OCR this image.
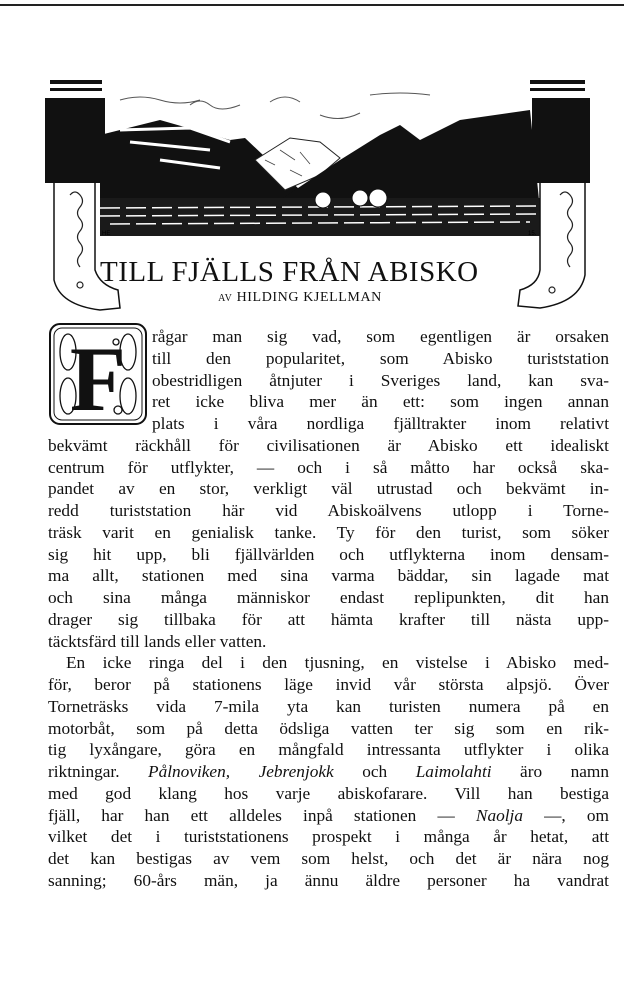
HE	15.
TILL FJÄLLS FRÅN ABISKO
AV HILDING KJELLMAN
F rågar man sig vad, som egentligen är orsaken
till den popularitet, som Abisko turiststation
obestridligen åtnjuter i Sveriges land, kan sva-
ret icke bliva mer än ett: som ingen annan
plats i våra nordliga fjälltrakter inom relativt
bekvämt räckhåll för civilisationen är Abisko ett idealiskt
centrum för utflykter, — och i så måtto har också ska-
pandet av en stor, verkligt väl utrustad och bekvämt in-
redd turiststation här vid Abiskoälvens utlopp i Torne-
träsk varit en genialisk tanke. Ty för den turist, som söker
sig hit upp, bli fjällvärlden och utflykterna inom densam-
ma allt, stationen med sina varma bäddar, sin lagade mat
och sina många människor endast replipunkten, dit han
drager sig tillbaka för att hämta krafter till nästa upp-
täcktsfärd till lands eller vatten.
En icke ringa del i den tjusning, en vistelse i Abisko med-
för, beror på stationens läge invid vår största alpsjö. Över
Torneträsks vida 7-mila yta kan turisten numera på en
motorbåt, som på detta ödsliga vatten ter sig som en rik-
tig lyxångare, göra en mångfald intressanta utflykter i olika
riktningar. Pålnoviken, Jebrenjokk och Laimolahti äro namn
med god klang hos varje abiskofarare. Vill han bestiga
fjäll, har han ett alldeles inpå stationen — Naolja —, om
vilket det i turiststationens prospekt i många år hetat, att
det kan bestigas av vem som helst, och det är nära nog
sanning; 60-års män, ja ännu äldre personer ha vandrat
